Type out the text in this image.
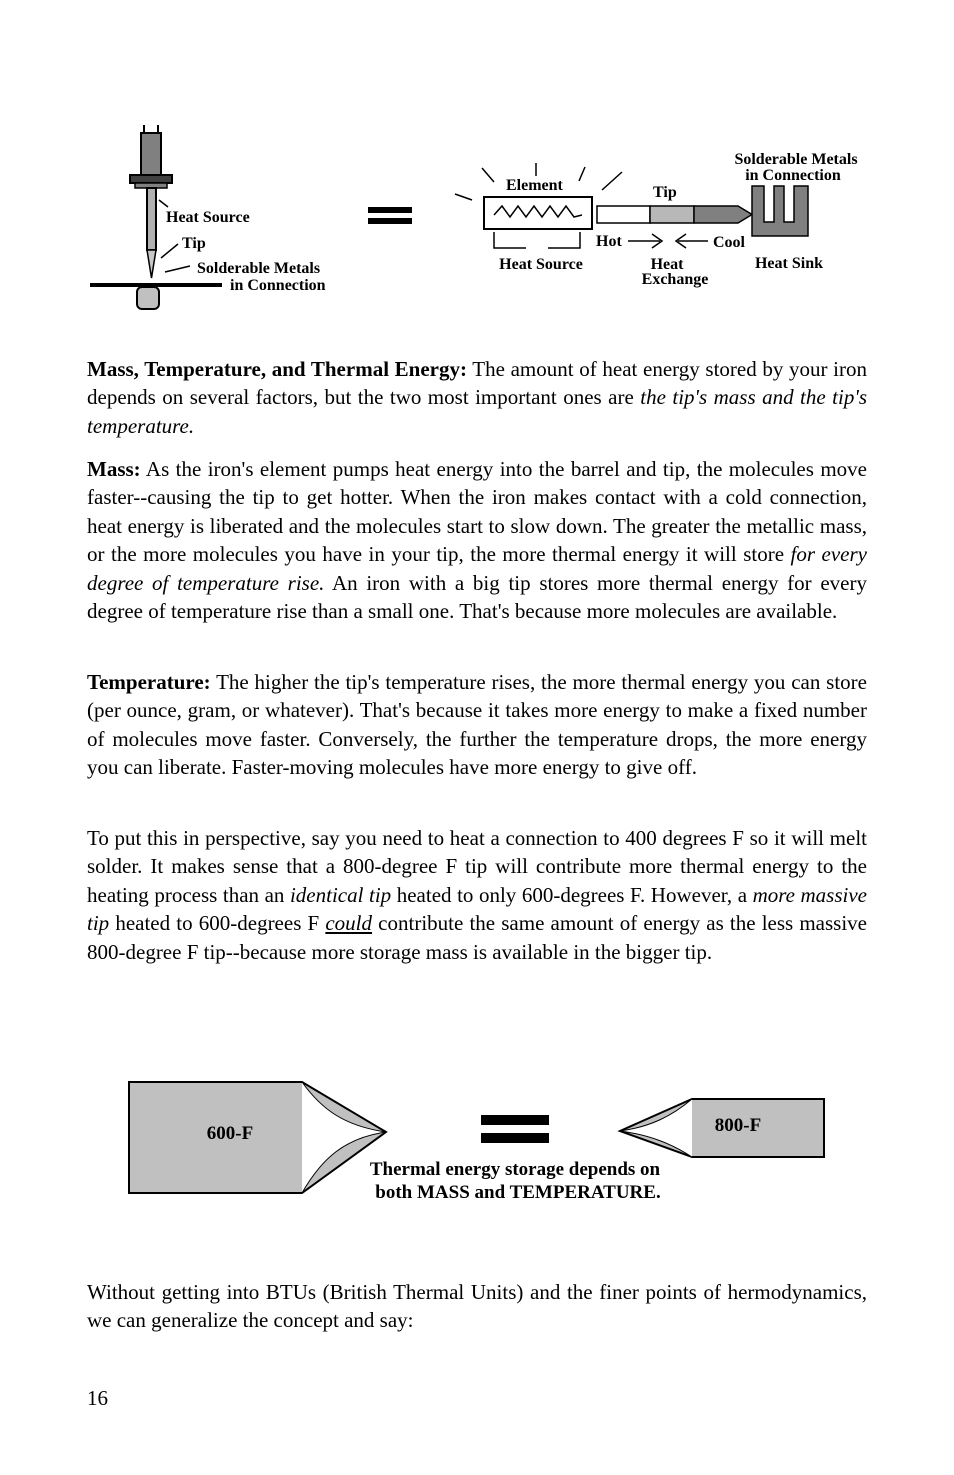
Heat Source
Tip
Solderable Metals
in Connection
Element	Tip
Solderable Metals
in Connection
Hot	Cool
Heat Source	Heat
Exchange
Heat Sink

Mass, Temperature, and Thermal Energy: The amount of heat energy stored by your iron depends on several factors, but the two most important ones are the tip's mass and the tip's temperature.

Mass: As the iron's element pumps heat energy into the barrel and tip, the molecules move faster--causing the tip to get hotter. When the iron makes contact with a cold connection, heat energy is liberated and the molecules start to slow down. The greater the metallic mass, or the more molecules you have in your tip, the more thermal energy it will store for every degree of temperature rise. An iron with a big tip stores more thermal energy for every degree of temperature rise than a small one. That's because more molecules are available.

Temperature: The higher the tip's temperature rises, the more thermal energy you can store (per ounce, gram, or whatever). That's because it takes more energy to make a fixed number of molecules move faster. Conversely, the further the temperature drops, the more energy you can liberate. Faster-moving molecules have more energy to give off.

To put this in perspective, say you need to heat a connection to 400 degrees F so it will melt solder. It makes sense that a 800-degree F tip will contribute more thermal energy to the heating process than an identical tip heated to only 600-degrees F. However, a more massive tip heated to 600-degrees F could contribute the same amount of energy as the less massive 800-degree F tip--because more storage mass is available in the bigger tip.

600-F	800-F
Thermal energy storage depends on
both MASS and TEMPERATURE.

Without getting into BTUs (British Thermal Units) and the finer points of hermodynamics, we can generalize the concept and say:

16
